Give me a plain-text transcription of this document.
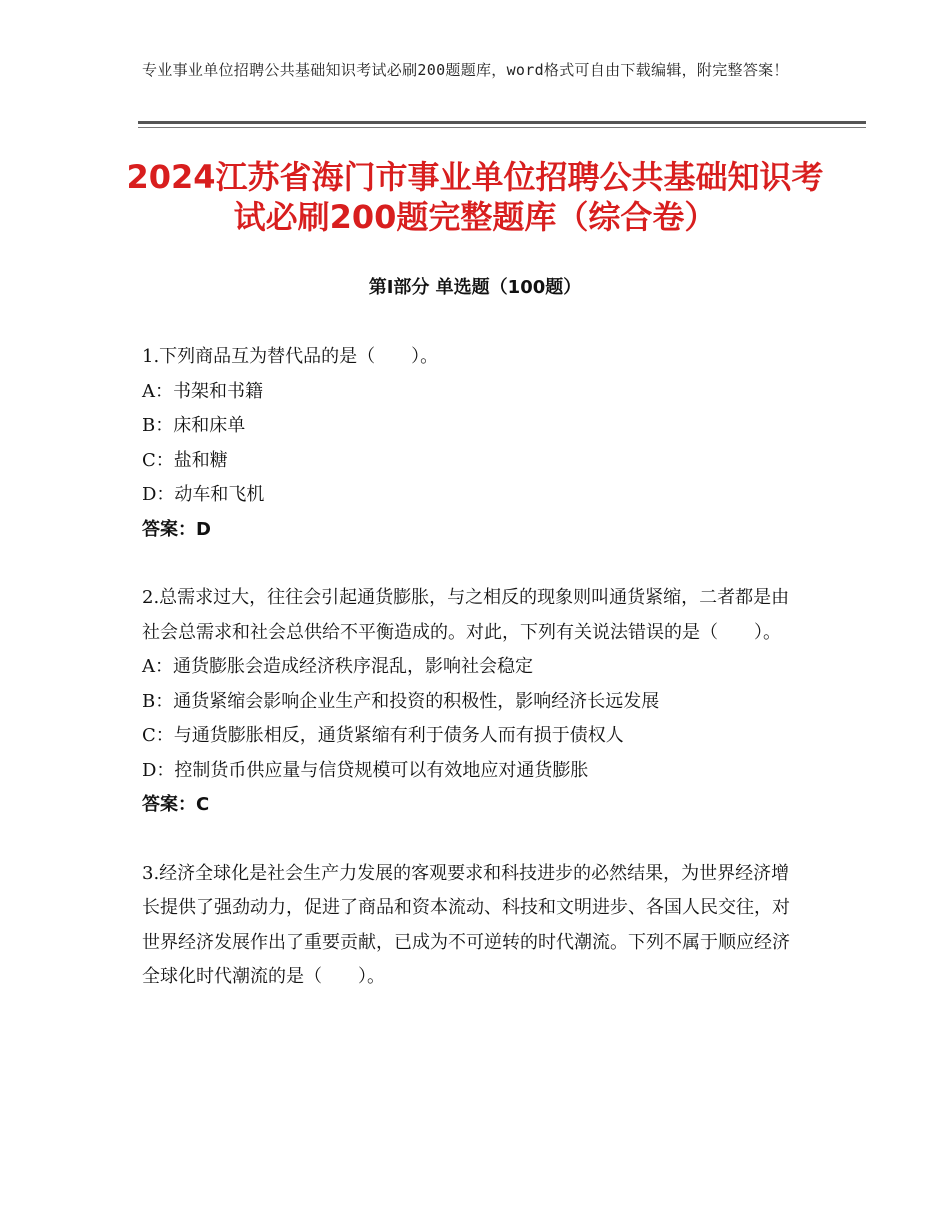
专业事业单位招聘公共基础知识考试必刷200题题库，word格式可自由下载编辑，附完整答案！
2024江苏省海门市事业单位招聘公共基础知识考试必刷200题完整题库（综合卷）
第Ⅰ部分 单选题（100题）

1.下列商品互为替代品的是（　　）。

A：书架和书籍

B：床和床单

C：盐和糖

D：动车和飞机

答案：D

2.总需求过大，往往会引起通货膨胀，与之相反的现象则叫通货紧缩，二者都是由社会总需求和社会总供给不平衡造成的。对此，下列有关说法错误的是（　　）。

A：通货膨胀会造成经济秩序混乱，影响社会稳定

B：通货紧缩会影响企业生产和投资的积极性，影响经济长远发展

C：与通货膨胀相反，通货紧缩有利于债务人而有损于债权人

D：控制货币供应量与信贷规模可以有效地应对通货膨胀

答案：C

3.经济全球化是社会生产力发展的客观要求和科技进步的必然结果，为世界经济增长提供了强劲动力，促进了商品和资本流动、科技和文明进步、各国人民交往，对世界经济发展作出了重要贡献，已成为不可逆转的时代潮流。下列不属于顺应经济全球化时代潮流的是（　　）。
